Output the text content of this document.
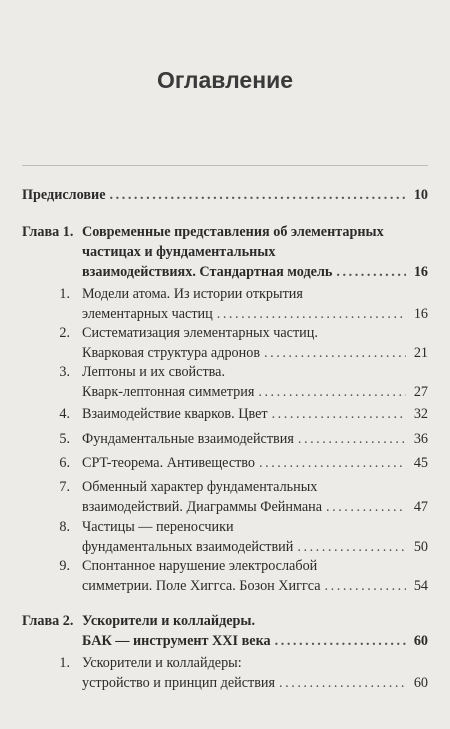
Оглавление
Предисловие . . .	10
Глава 1. Современные представления об элементарных
частицах и фундаментальных
взаимодействиях. Стандартная модель . . .	16
1. Модели атома. Из истории открытия
элементарных частиц . . .	16
2. Систематизация элементарных частиц.
Кварковая структура адронов . . .	21
3. Лептоны и их свойства.
Кварк-лептонная симметрия . . .	27
4. Взаимодействие кварков. Цвет . . .	32
5. Фундаментальные взаимодействия . . .	36
6. CPT-теорема. Антивещество . . .	45
7. Обменный характер фундаментальных
взаимодействий. Диаграммы Фейнмана . . .	47
8. Частицы — переносчики
фундаментальных взаимодействий . . .	50
9. Спонтанное нарушение электрослабой
симметрии. Поле Хиггса. Бозон Хиггса . . .	54
Глава 2. Ускорители и коллайдеры.
БАК — инструмент XXI века . . .	60
1. Ускорители и коллайдеры:
устройство и принцип действия . . .	60
